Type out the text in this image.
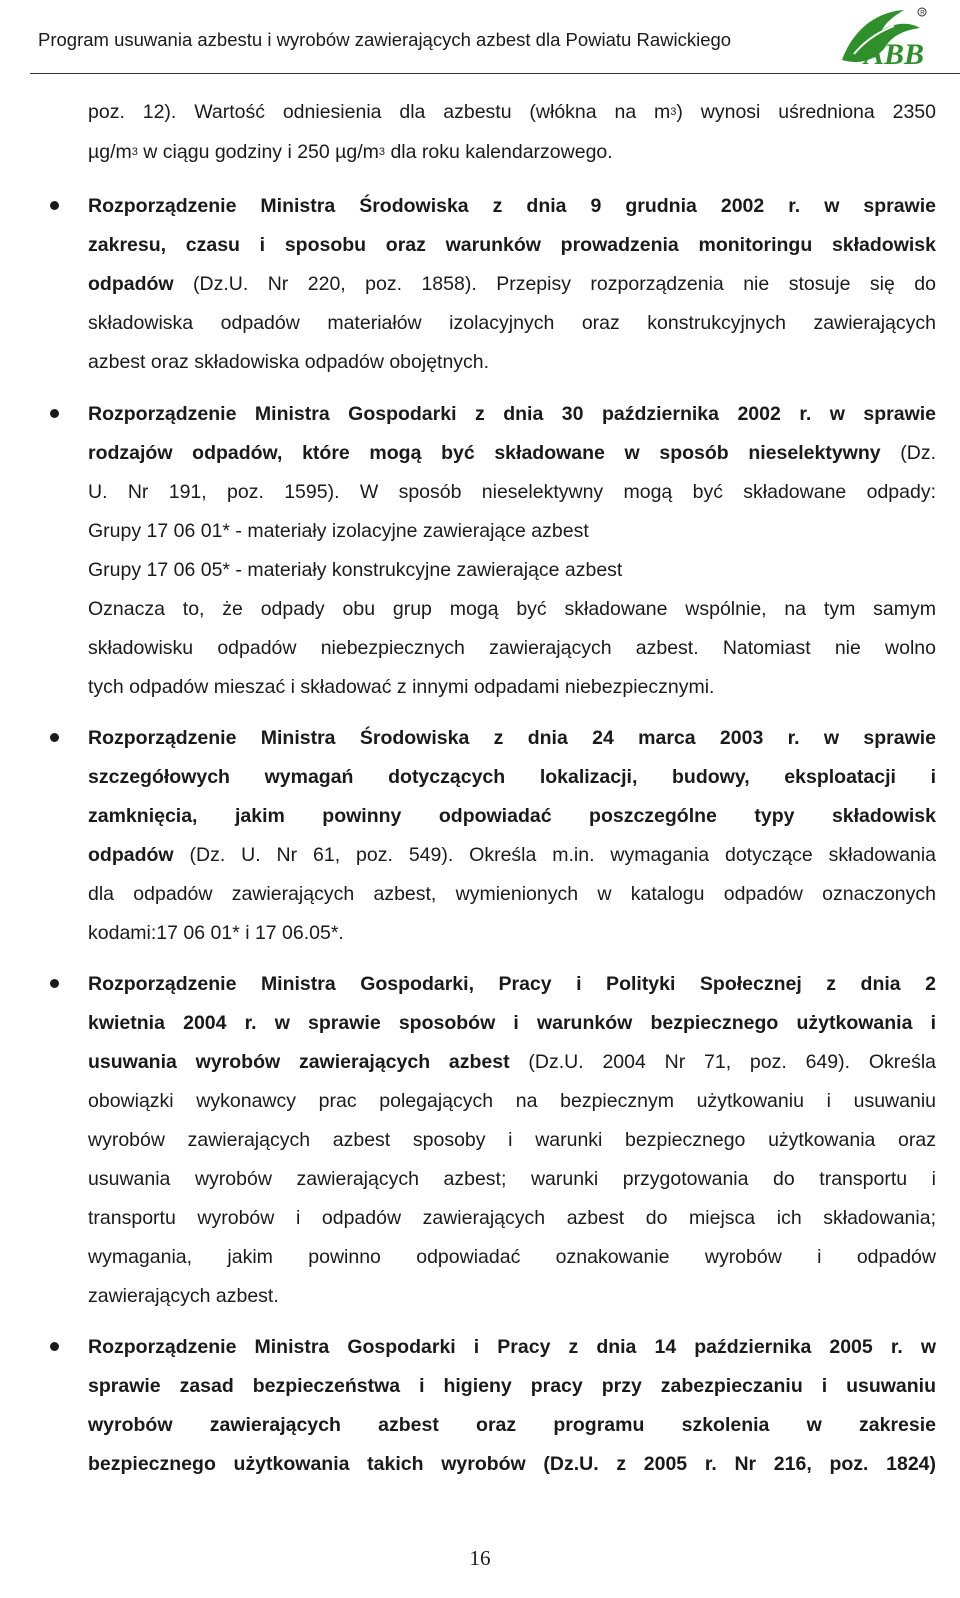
Program usuwania azbestu i wyrobów zawierających azbest dla Powiatu Rawickiego	ABB
R
poz. 12). Wartość odniesienia dla azbestu (włókna na $m^3$) wynosi uśredniona 2350
$\mu g/m^3$ w ciągu godziny i 250 $\mu g/m^3$ dla roku kalendarzowego.
Rozporządzenie Ministra Środowiska z dnia 9 grudnia 2002 r. w sprawie
zakresu, czasu i sposobu oraz warunków prowadzenia monitoringu składowisk
odpadów (Dz.U. Nr 220, poz. 1858). Przepisy rozporządzenia nie stosuje się do
składowiska odpadów materiałów izolacyjnych oraz konstrukcyjnych zawierających
azbest oraz składowiska odpadów obojętnych.
Rozporządzenie Ministra Gospodarki z dnia 30 października 2002 r. w sprawie
rodzajów odpadów, które mogą być składowane w sposób nieselektywny (Dz.
U. Nr 191, poz. 1595). W sposób nieselektywny mogą być składowane odpady:
Grupy 17 06 01* - materiały izolacyjne zawierające azbest
Grupy 17 06 05* - materiały konstrukcyjne zawierające azbest
Oznacza to, że odpady obu grup mogą być składowane wspólnie, na tym samym
składowisku odpadów niebezpiecznych zawierających azbest. Natomiast nie wolno
tych odpadów mieszać i składować z innymi odpadami niebezpiecznymi.
Rozporządzenie Ministra Środowiska z dnia 24 marca 2003 r. w sprawie
szczegółowych wymagań dotyczących lokalizacji, budowy, eksploatacji i
zamknięcia, jakim powinny odpowiadać poszczególne typy składowisk
odpadów (Dz. U. Nr 61, poz. 549). Określa m.in. wymagania dotyczące składowania
dla odpadów zawierających azbest, wymienionych w katalogu odpadów oznaczonych
kodami:17 06 01* i 17 06.05*.
Rozporządzenie Ministra Gospodarki, Pracy i Polityki Społecznej z dnia 2
kwietnia 2004 r. w sprawie sposobów i warunków bezpiecznego użytkowania i
usuwania wyrobów zawierających azbest (Dz.U. 2004 Nr 71, poz. 649). Określa
obowiązki wykonawcy prac polegających na bezpiecznym użytkowaniu i usuwaniu
wyrobów zawierających azbest sposoby i warunki bezpiecznego użytkowania oraz
usuwania wyrobów zawierających azbest; warunki przygotowania do transportu i
transportu wyrobów i odpadów zawierających azbest do miejsca ich składowania;
wymagania, jakim powinno odpowiadać oznakowanie wyrobów i odpadów
zawierających azbest.
Rozporządzenie Ministra Gospodarki i Pracy z dnia 14 października 2005 r. w
sprawie zasad bezpieczeństwa i higieny pracy przy zabezpieczaniu i usuwaniu
wyrobów zawierających azbest oraz programu szkolenia w zakresie
bezpiecznego użytkowania takich wyrobów (Dz.U. z 2005 r. Nr 216, poz. 1824)
16
